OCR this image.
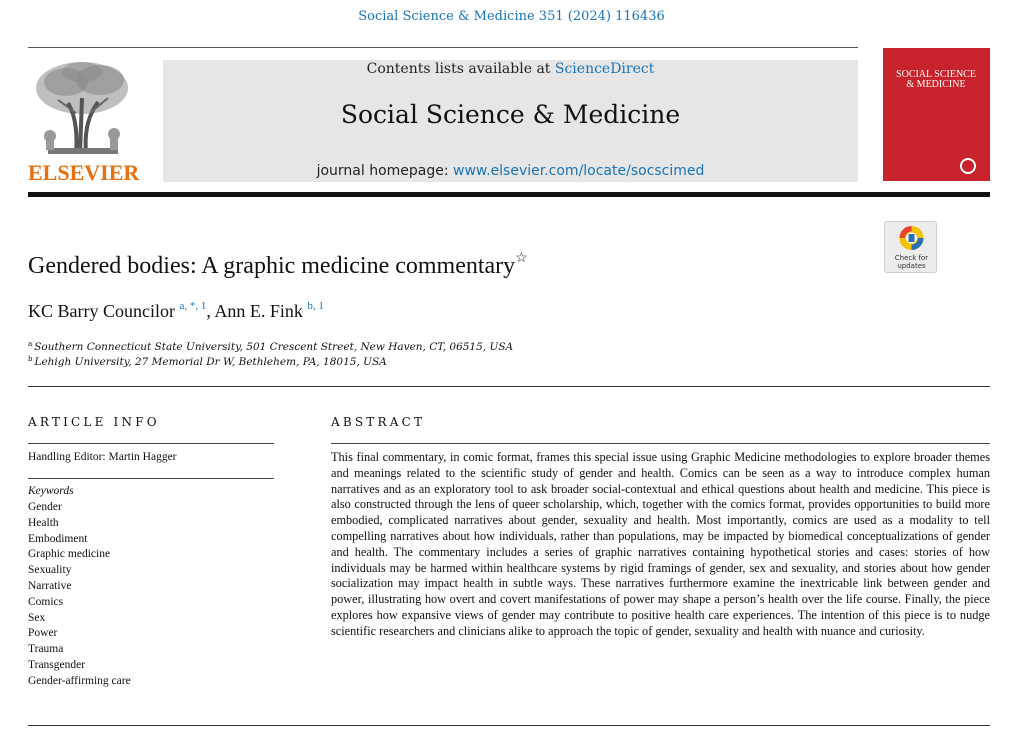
Social Science & Medicine 351 (2024) 116436
ELSEVIER
Contents lists available at ScienceDirect
Social Science & Medicine
journal homepage: www.elsevier.com/locate/socscimed
SOCIAL SCIENCE & MEDICINE
Check for updates
Gendered bodies: A graphic medicine commentary☆
KC Barry Councilor $^{a, *, 1}$, Ann E. Fink $^{b, 1}$
$^a$ Southern Connecticut State University, 501 Crescent Street, New Haven, CT, 06515, USA
$^b$ Lehigh University, 27 Memorial Dr W, Bethlehem, PA, 18015, USA
ARTICLE INFO	ABSTRACT
Handling Editor: Martin Hagger
Keywords
Gender
Health
Embodiment
Graphic medicine
Sexuality
Narrative
Comics
Sex
Power
Trauma
Transgender
Gender-affirming care
This final commentary, in comic format, frames this special issue using Graphic Medicine methodologies to explore broader themes and meanings related to the scientific study of gender and health. Comics can be seen as a way to introduce complex human narratives and as an exploratory tool to ask broader social-contextual and ethical questions about health and medicine. This piece is also constructed through the lens of queer scholarship, which, together with the comics format, provides opportunities to build more embodied, complicated narratives about gender, sexuality and health. Most importantly, comics are used as a modality to tell compelling narratives about how individuals, rather than populations, may be impacted by biomedical conceptualizations of gender and health. The commentary includes a series of graphic narratives containing hypothetical stories and cases: stories of how individuals may be harmed within healthcare systems by rigid framings of gender, sex and sexuality, and stories about how gender socialization may impact health in subtle ways. These narratives furthermore examine the inextricable link between gender and power, illustrating how overt and covert manifestations of power may shape a person’s health over the life course. Finally, the piece explores how expansive views of gender may contribute to positive health care experiences. The intention of this piece is to nudge scientific researchers and clinicians alike to approach the topic of gender, sexuality and health with nuance and curiosity.
